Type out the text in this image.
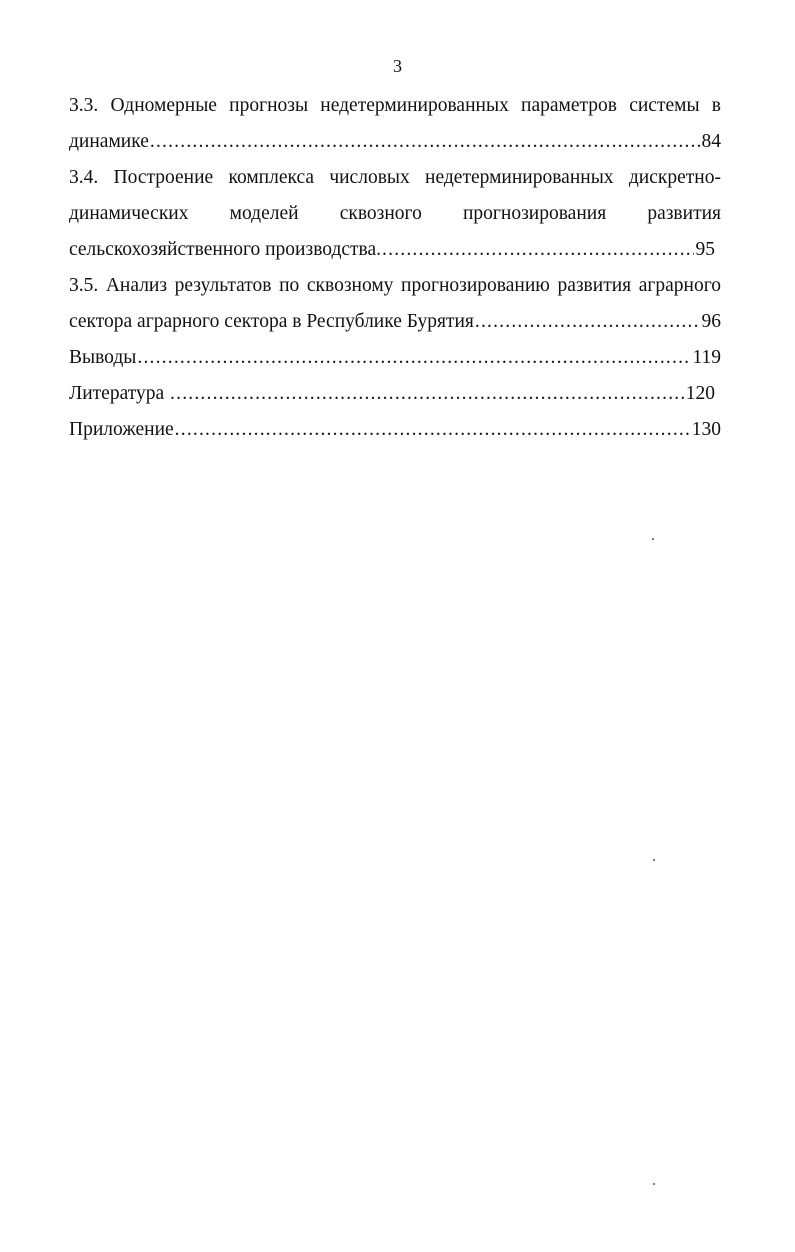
3
3.3. Одномерные прогнозы недетерминированных параметров системы в
динамике .....	84
3.4. Построение комплекса числовых недетерминированных дискретно-
динамических моделей сквозного прогнозирования развития
сельскохозяйственного производства. .....	95
3.5. Анализ результатов по сквозному прогнозированию развития аграрного
сектора аграрного сектора в Республике Бурятия .....	96
Выводы .....	119
Литература .....	120
Приложение .....	130
